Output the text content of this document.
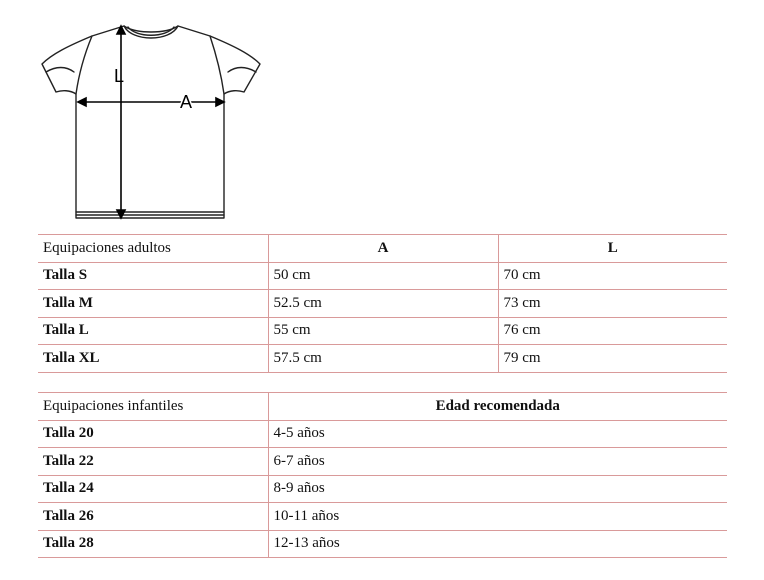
L
A
Equipaciones adultos	A	L
Talla S	50 cm	70 cm
Talla M	52.5 cm	73 cm
Talla L	55 cm	76 cm
Talla XL	57.5 cm	79 cm
Equipaciones infantiles	Edad recomendada
Talla 20	4-5 años
Talla 22	6-7 años
Talla 24	8-9 años
Talla 26	10-11 años
Talla 28	12-13 años
